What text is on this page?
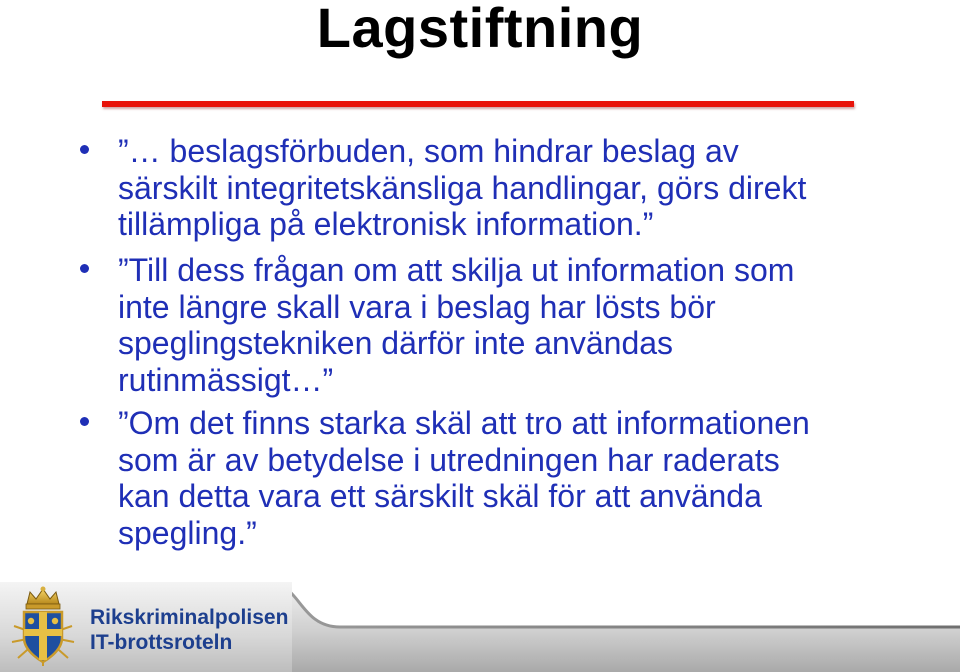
Lagstiftning
”… beslagsförbuden, som hindrar beslag av
särskilt integritetskänsliga handlingar, görs direkt
tillämpliga på elektronisk information.”
”Till dess frågan om att skilja ut information som
inte längre skall vara i beslag har lösts bör
speglingstekniken därför inte användas
rutinmässigt…”
”Om det finns starka skäl att tro att informationen
som är av betydelse i utredningen har raderats
kan detta vara ett särskilt skäl för att använda
spegling.”
Rikskriminalpolisen
IT-brottsroteln
